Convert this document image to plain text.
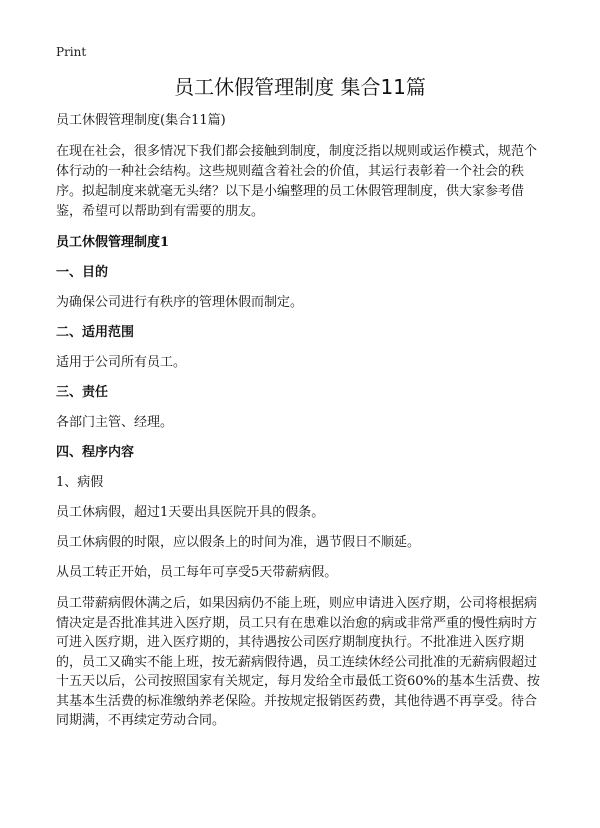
Print
员工休假管理制度 集合11篇

员工休假管理制度(集合11篇)

在现在社会，很多情况下我们都会接触到制度，制度泛指以规则或运作模式，规范个体行动的一种社会结构。这些规则蕴含着社会的价值，其运行表彰着一个社会的秩序。拟起制度来就毫无头绪？以下是小编整理的员工休假管理制度，供大家参考借鉴，希望可以帮助到有需要的朋友。

员工休假管理制度1

一、目的

为确保公司进行有秩序的管理休假而制定。

二、适用范围

适用于公司所有员工。

三、责任

各部门主管、经理。

四、程序内容

1、病假

员工休病假，超过1天要出具医院开具的假条。

员工休病假的时限，应以假条上的时间为准，遇节假日不顺延。

从员工转正开始，员工每年可享受5天带薪病假。

员工带薪病假休满之后，如果因病仍不能上班，则应申请进入医疗期，公司将根据病情决定是否批准其进入医疗期，员工只有在患难以治愈的病或非常严重的慢性病时方可进入医疗期，进入医疗期的，其待遇按公司医疗期制度执行。不批准进入医疗期的，员工又确实不能上班，按无薪病假待遇，员工连续休经公司批准的无薪病假超过十五天以后，公司按照国家有关规定，每月发给全市最低工资60%的基本生活费、按其基本生活费的标准缴纳养老保险。并按规定报销医药费，其他待遇不再享受。待合同期满，不再续定劳动合同。
